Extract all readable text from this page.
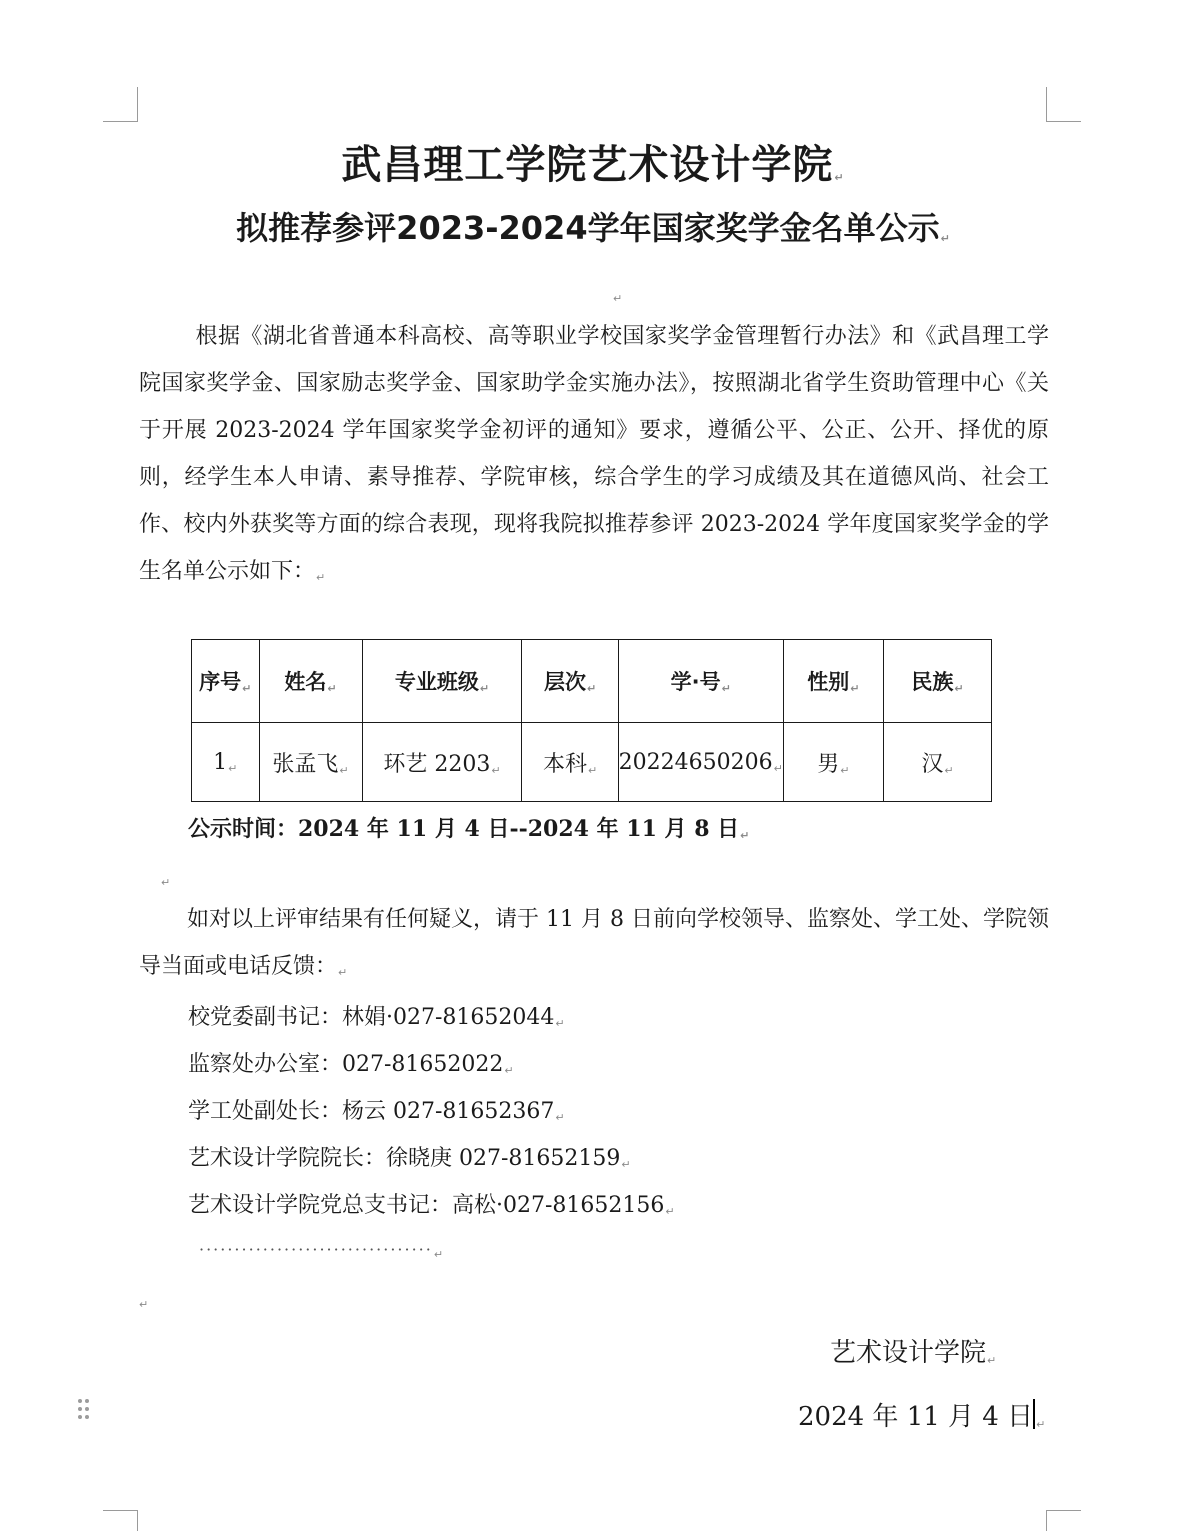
武昌理工学院艺术设计学院 ↵
拟推荐参评2023-2024学年国家奖学金名单公示 ↵
↵
根据《湖北省普通本科高校、高等职业学校国家奖学金管理暂行办法》和《武昌理工学院国家奖学金、国家励志奖学金、国家助学金实施办法》，按照湖北省学生资助管理中心《关于开展 2023-2024 学年国家奖学金初评的通知》要求，遵循公平、公正、公开、择优的原则，经学生本人申请、素导推荐、学院审核，综合学生的学习成绩及其在道德风尚、社会工作、校内外获奖等方面的综合表现，现将我院拟推荐参评 2023-2024 学年度国家奖学金的学生名单公示如下： ↵
序号 ↵	姓名 ↵	专业班级 ↵	层次 ↵	学·号 ↵	性别 ↵	民族 ↵
1 ↵	张孟飞 ↵	环艺 2203 ↵	本科 ↵	20224650206 ↵	男 ↵	汉 ↵
公示时间：2024 年 11 月 4 日--2024 年 11 月 8 日 ↵
↵
如对以上评审结果有任何疑义，请于 11 月 8 日前向学校领导、监察处、学工处、学院领导当面或电话反馈： ↵
校党委副书记：林娟·027-81652044 ↵
监察处办公室：027-81652022 ↵
学工处副处长：杨云 027-81652367 ↵
艺术设计学院院长：徐晓庚 027-81652159 ↵
艺术设计学院党总支书记：高松·027-81652156 ↵
································· ↵
↵
艺术设计学院 ↵
2024 年 11 月 4 日 ↵
